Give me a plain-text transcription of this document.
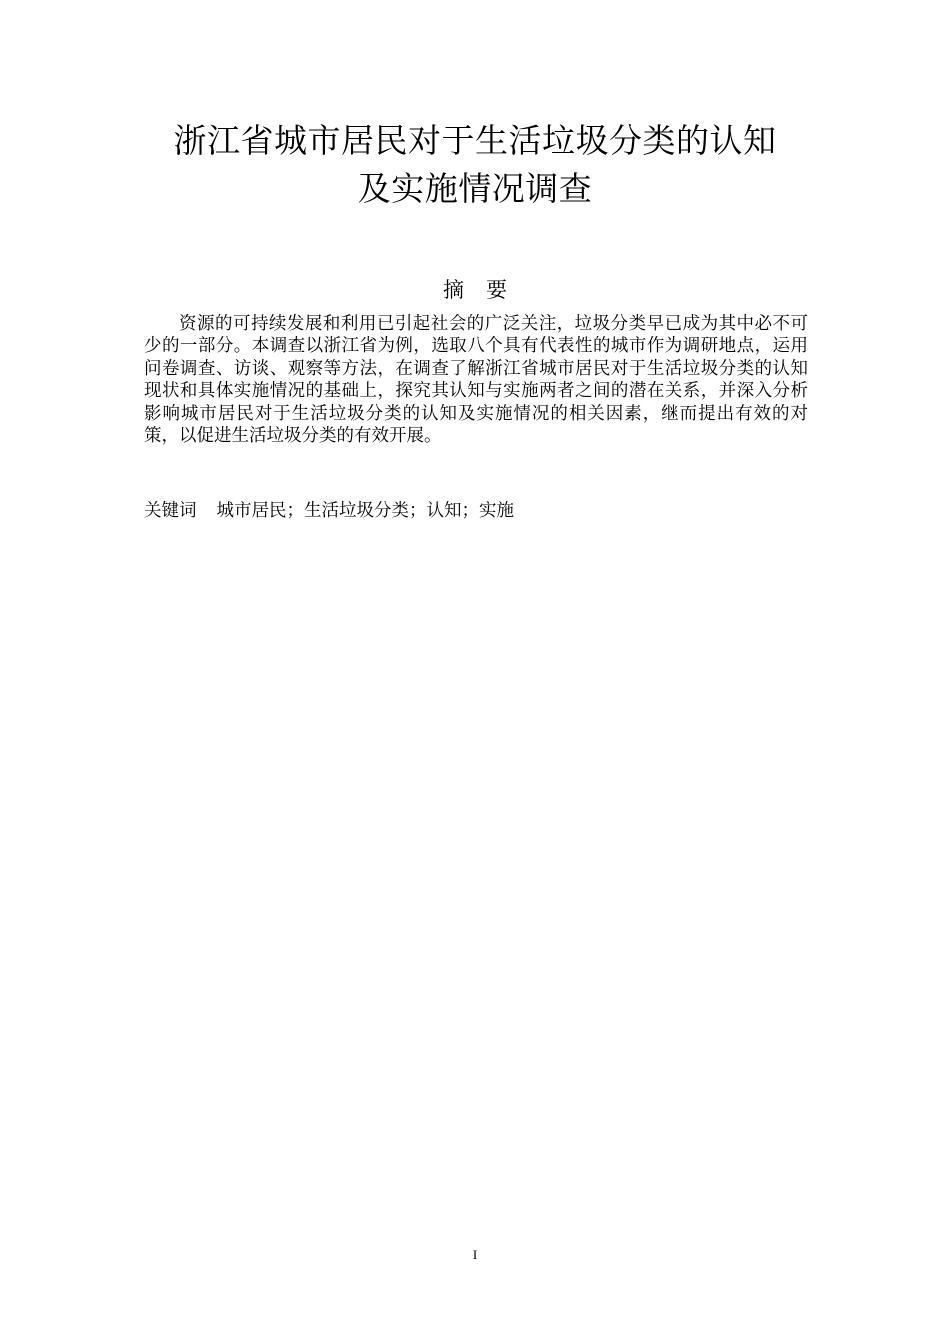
浙江省城市居民对于生活垃圾分类的认知
及实施情况调查
摘要

资源的可持续发展和利用已引起社会的广泛关注，垃圾分类早已成为其中必不可少的一部分。本调查以浙江省为例，选取八个具有代表性的城市作为调研地点，运用问卷调查、访谈、观察等方法，在调查了解浙江省城市居民对于生活垃圾分类的认知现状和具体实施情况的基础上，探究其认知与实施两者之间的潜在关系，并深入分析影响城市居民对于生活垃圾分类的认知及实施情况的相关因素，继而提出有效的对策，以促进生活垃圾分类的有效开展。

关键词 城市居民；生活垃圾分类；认知；实施

I
